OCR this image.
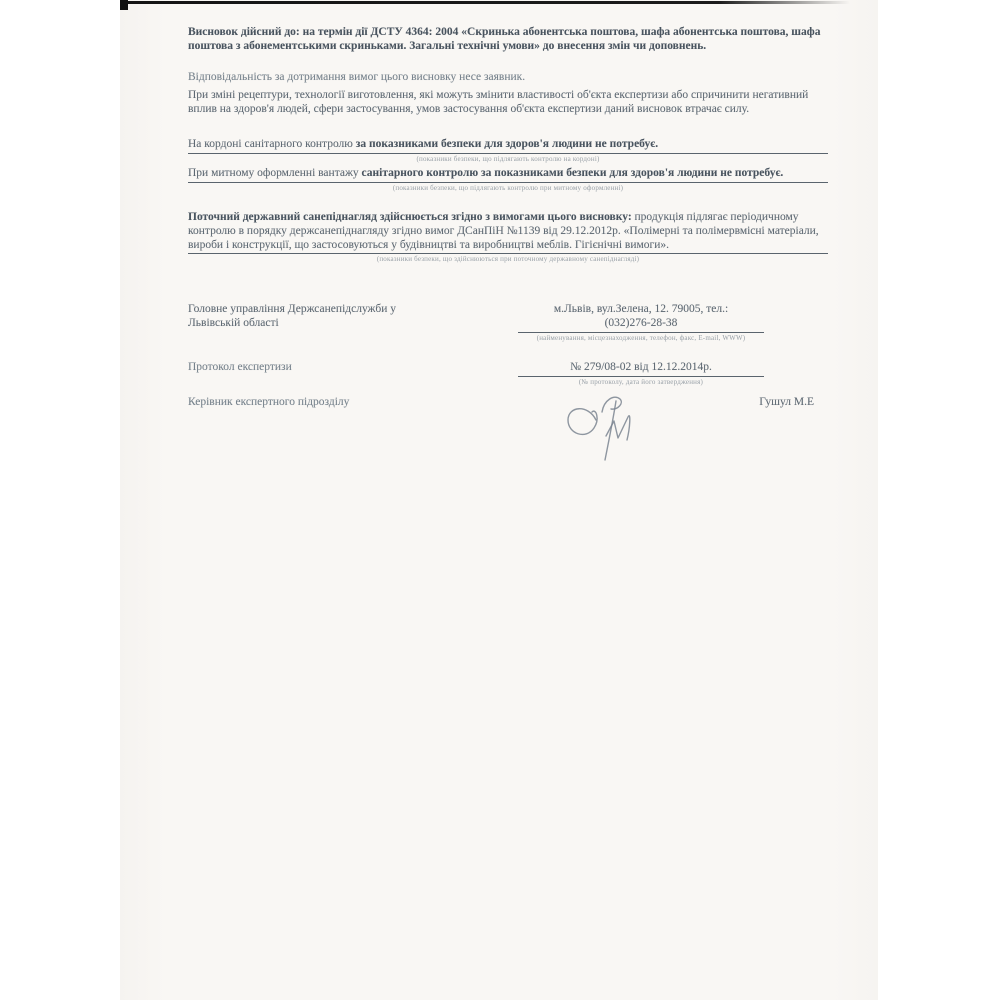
Висновок дійсний до: на термін дії ДСТУ 4364: 2004 «Скринька абонентська поштова, шафа абонентська поштова, шафа поштова з абонементськими скриньками. Загальні технічні умови» до внесення змін чи доповнень.
Відповідальність за дотримання вимог цього висновку несе заявник.
При зміні рецептури, технології виготовлення, які можуть змінити властивості об'єкта експертизи або спричинити негативний вплив на здоров'я людей, сфери застосування, умов застосування об'єкта експертизи даний висновок втрачає силу.
На кордоні санітарного контролю за показниками безпеки для здоров'я людини не потребує.
(показники безпеки, що підлягають контролю на кордоні)
При митному оформленні вантажу санітарного контролю за показниками безпеки для здоров'я людини не потребує.
(показники безпеки, що підлягають контролю при митному оформленні)
Поточний державний санепіднагляд здійснюється згідно з вимогами цього висновку: продукція підлягає періодичному контролю в порядку держсанепіднагляду згідно вимог ДСанПіН №1139 від 29.12.2012р. «Полімерні та полімервмісні матеріали, вироби і конструкції, що застосовуються у будівництві та виробництві меблів. Гігієнічні вимоги».
(показники безпеки, що здійснюються при поточному державному санепіднагляді)
Головне управління Держсанепідслужби у
Львівській області
м.Львів, вул.Зелена, 12. 79005, тел.:
(032)276-28-38
(найменування, місцезнаходження, телефон, факс, E-mail, WWW)
Протокол експертизи	№ 279/08-02 від 12.12.2014р.
(№ протоколу, дата його затвердження)
Керівник експертного підрозділу	Гушул М.Е
